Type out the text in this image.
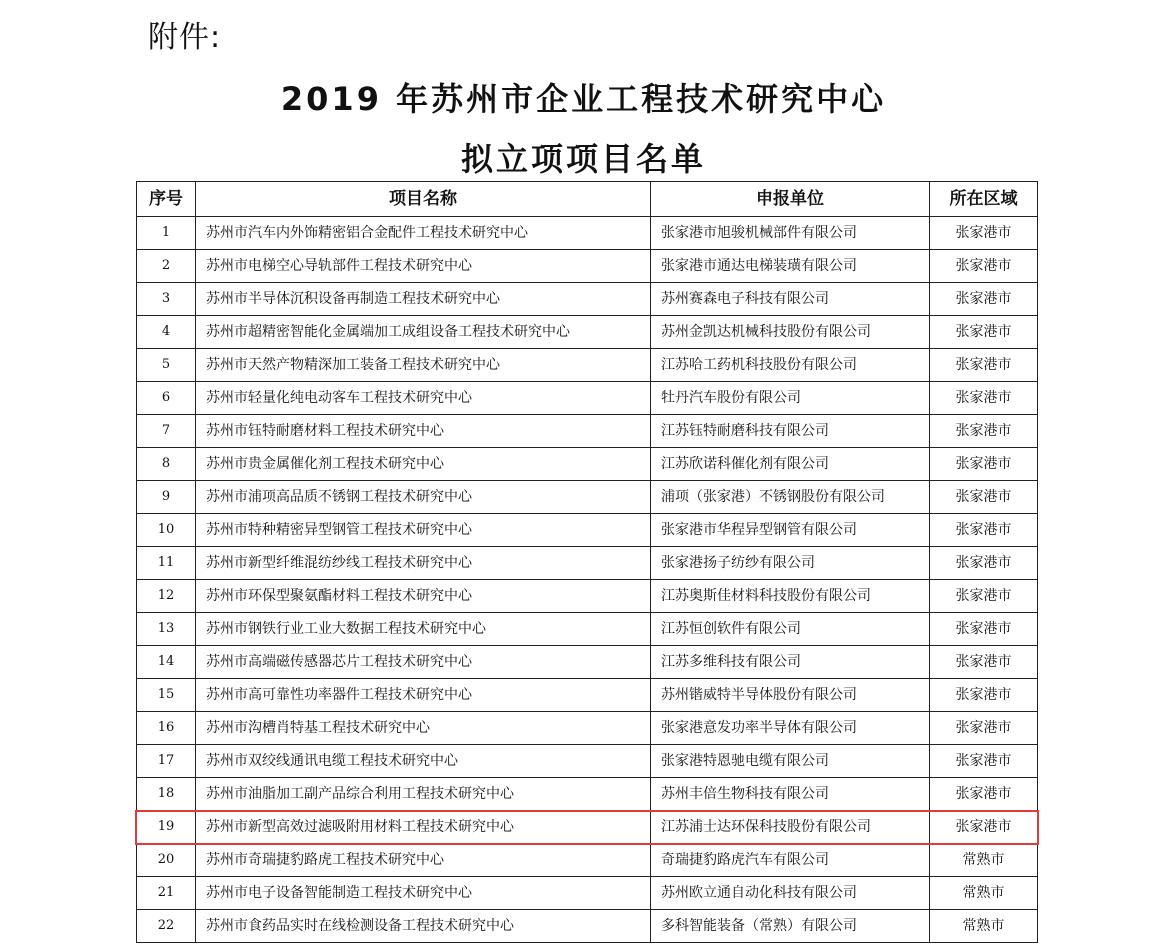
附件:
2019 年苏州市企业工程技术研究中心
拟立项项目名单
序号	项目名称	申报单位	所在区域
1	苏州市汽车内外饰精密铝合金配件工程技术研究中心	张家港市旭骏机械部件有限公司	张家港市
2	苏州市电梯空心导轨部件工程技术研究中心	张家港市通达电梯装璜有限公司	张家港市
3	苏州市半导体沉积设备再制造工程技术研究中心	苏州赛森电子科技有限公司	张家港市
4	苏州市超精密智能化金属端加工成组设备工程技术研究中心	苏州金凯达机械科技股份有限公司	张家港市
5	苏州市天然产物精深加工装备工程技术研究中心	江苏哈工药机科技股份有限公司	张家港市
6	苏州市轻量化纯电动客车工程技术研究中心	牡丹汽车股份有限公司	张家港市
7	苏州市钰特耐磨材料工程技术研究中心	江苏钰特耐磨科技有限公司	张家港市
8	苏州市贵金属催化剂工程技术研究中心	江苏欣诺科催化剂有限公司	张家港市
9	苏州市浦项高品质不锈钢工程技术研究中心	浦项（张家港）不锈钢股份有限公司	张家港市
10	苏州市特种精密异型钢管工程技术研究中心	张家港市华程异型钢管有限公司	张家港市
11	苏州市新型纤维混纺纱线工程技术研究中心	张家港扬子纺纱有限公司	张家港市
12	苏州市环保型聚氨酯材料工程技术研究中心	江苏奥斯佳材料科技股份有限公司	张家港市
13	苏州市钢铁行业工业大数据工程技术研究中心	江苏恒创软件有限公司	张家港市
14	苏州市高端磁传感器芯片工程技术研究中心	江苏多维科技有限公司	张家港市
15	苏州市高可靠性功率器件工程技术研究中心	苏州锴威特半导体股份有限公司	张家港市
16	苏州市沟槽肖特基工程技术研究中心	张家港意发功率半导体有限公司	张家港市
17	苏州市双绞线通讯电缆工程技术研究中心	张家港特恩驰电缆有限公司	张家港市
18	苏州市油脂加工副产品综合利用工程技术研究中心	苏州丰倍生物科技有限公司	张家港市
19	苏州市新型高效过滤吸附用材料工程技术研究中心	江苏浦士达环保科技股份有限公司	张家港市
20	苏州市奇瑞捷豹路虎工程技术研究中心	奇瑞捷豹路虎汽车有限公司	常熟市
21	苏州市电子设备智能制造工程技术研究中心	苏州欧立通自动化科技有限公司	常熟市
22	苏州市食药品实时在线检测设备工程技术研究中心	多科智能装备（常熟）有限公司	常熟市
